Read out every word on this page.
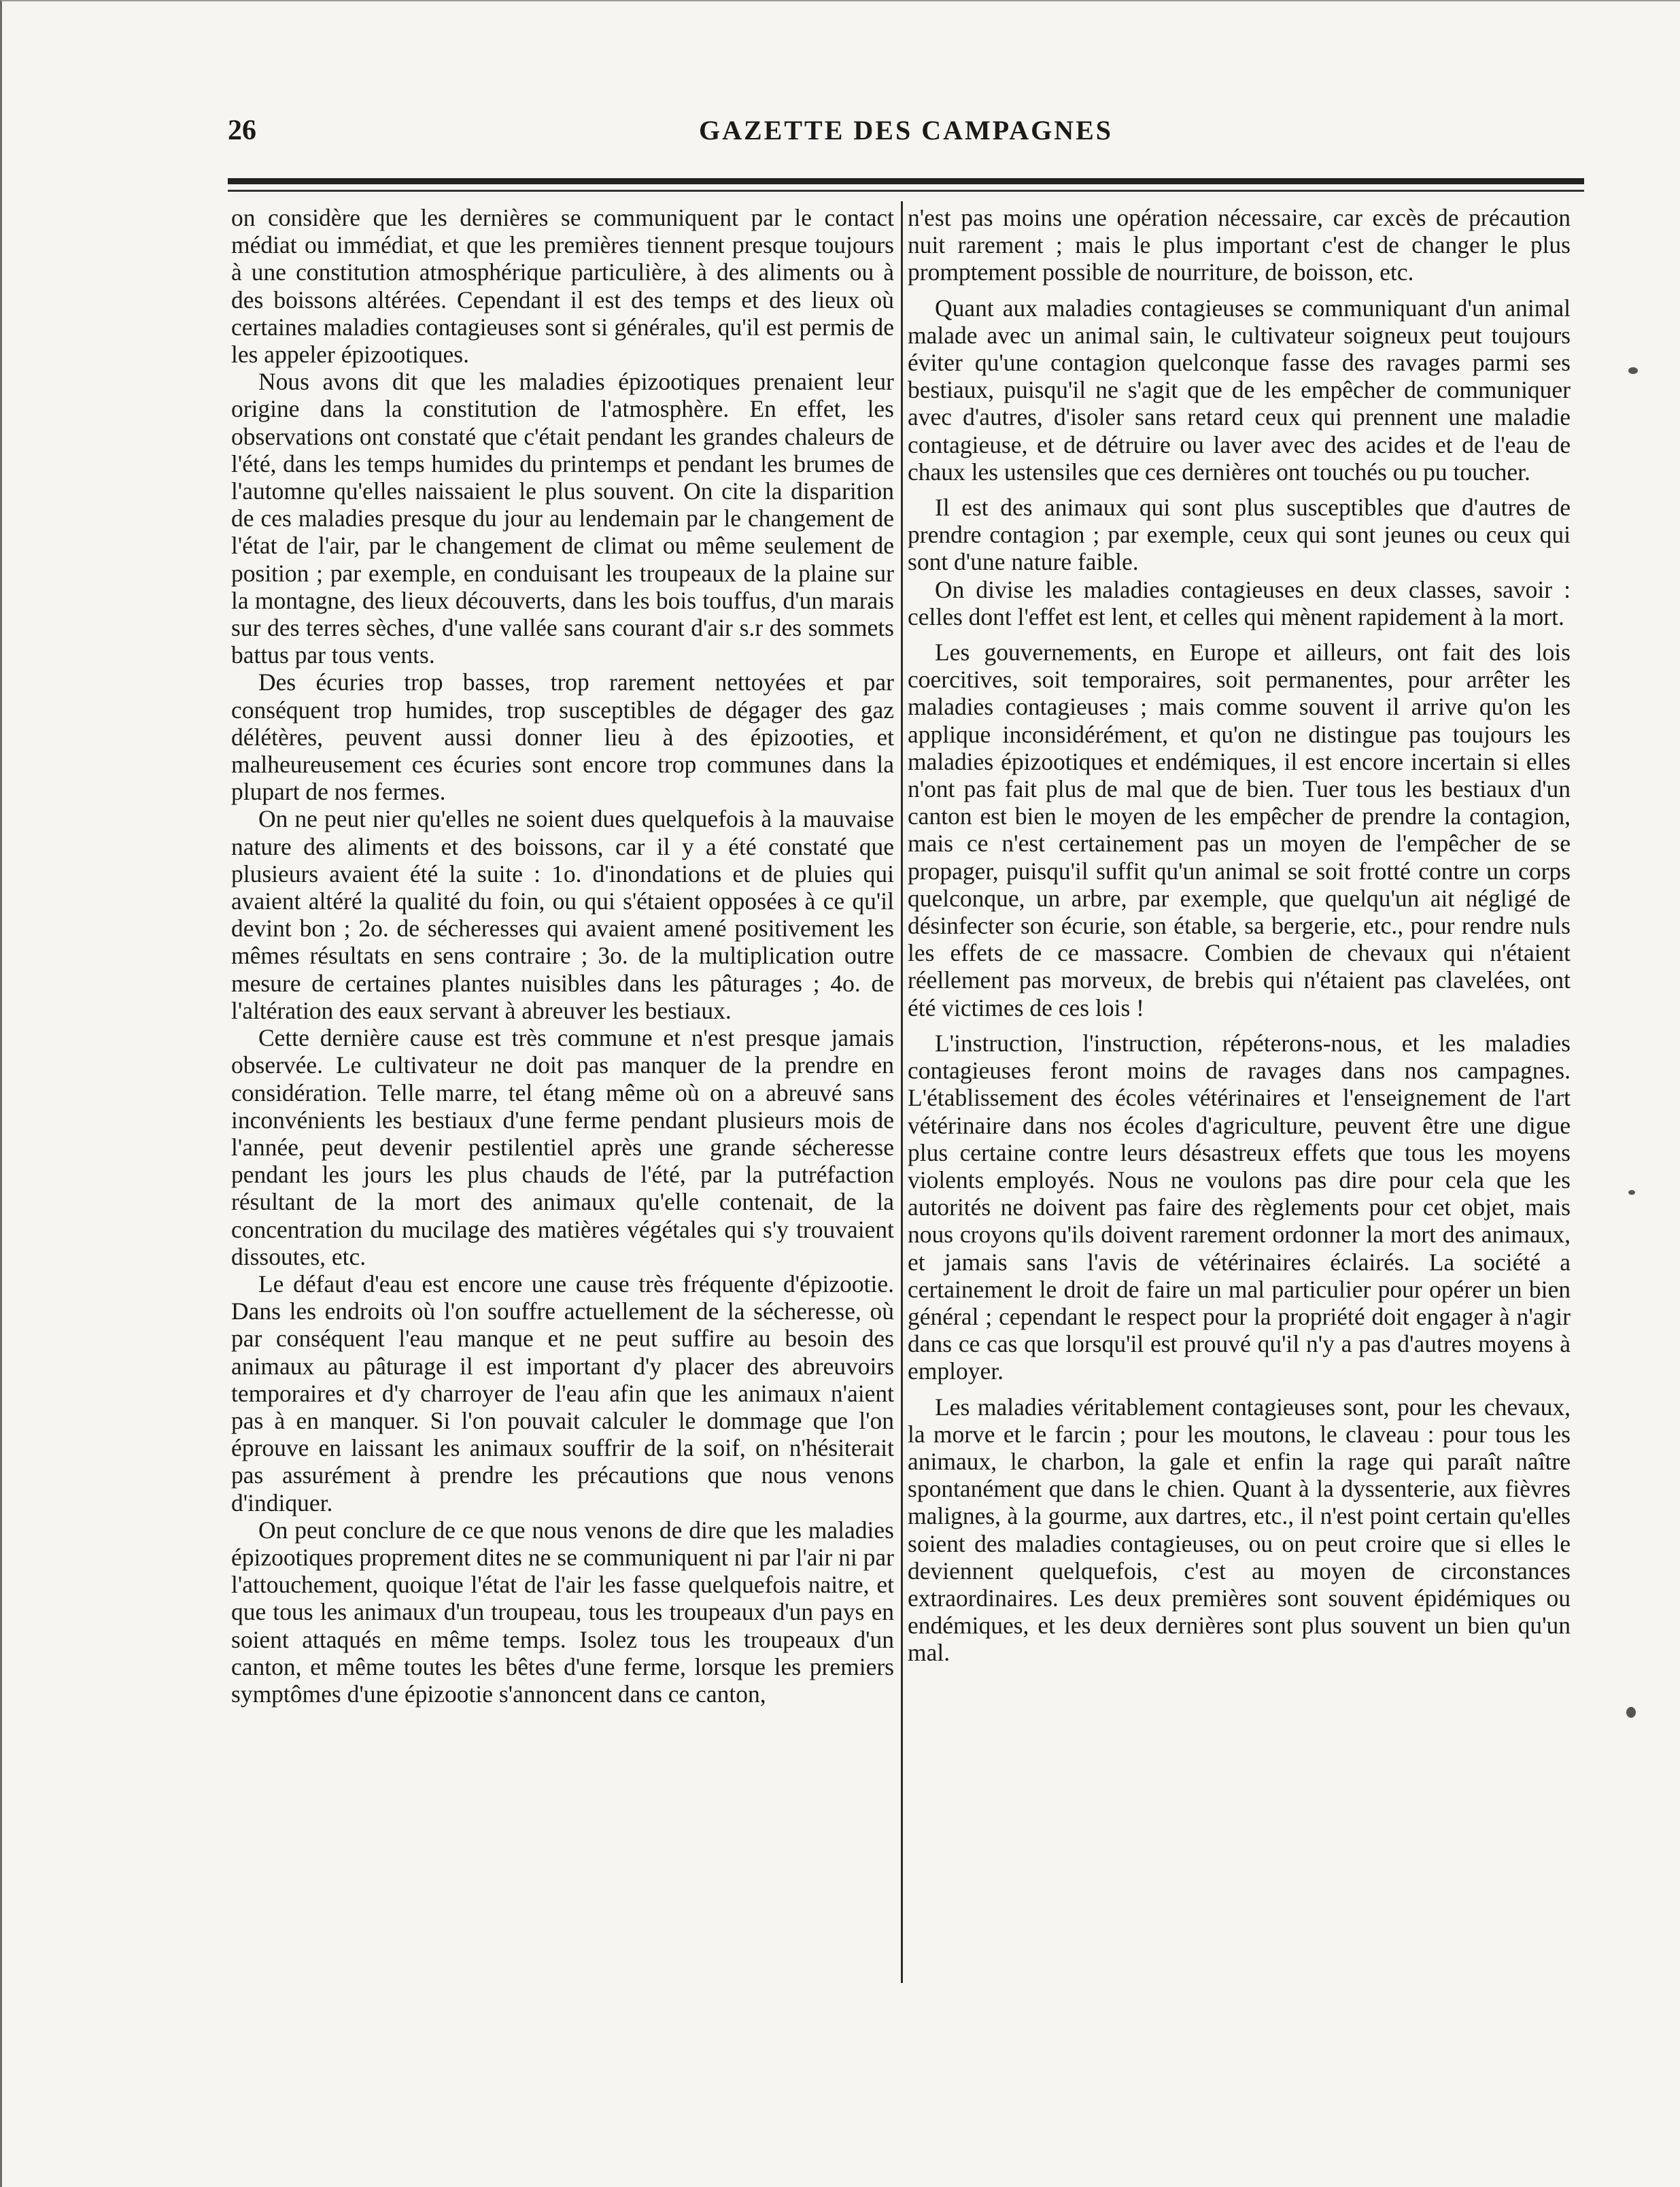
26	GAZETTE DES CAMPAGNES

on considère que les dernières se communiquent par le contact médiat ou immédiat, et que les premières tiennent presque toujours à une constitution atmosphérique particulière, à des aliments ou à des boissons altérées. Cependant il est des temps et des lieux où certaines maladies contagieuses sont si générales, qu'il est permis de les appeler épizootiques.

Nous avons dit que les maladies épizootiques prenaient leur origine dans la constitution de l'atmosphère. En effet, les observations ont constaté que c'était pendant les grandes chaleurs de l'été, dans les temps humides du printemps et pendant les brumes de l'automne qu'elles naissaient le plus souvent. On cite la disparition de ces maladies presque du jour au lendemain par le changement de l'état de l'air, par le changement de climat ou même seulement de position ; par exemple, en conduisant les troupeaux de la plaine sur la montagne, des lieux découverts, dans les bois touffus, d'un marais sur des terres sèches, d'une vallée sans courant d'air s.r des sommets battus par tous vents.

Des écuries trop basses, trop rarement nettoyées et par conséquent trop humides, trop susceptibles de dégager des gaz délétères, peuvent aussi donner lieu à des épizooties, et malheureusement ces écuries sont encore trop communes dans la plupart de nos fermes.

On ne peut nier qu'elles ne soient dues quelquefois à la mauvaise nature des aliments et des boissons, car il y a été constaté que plusieurs avaient été la suite : 1o. d'inondations et de pluies qui avaient altéré la qualité du foin, ou qui s'étaient opposées à ce qu'il devint bon ; 2o. de sécheresses qui avaient amené positivement les mêmes résultats en sens contraire ; 3o. de la multiplication outre mesure de certaines plantes nuisibles dans les pâturages ; 4o. de l'altération des eaux servant à abreuver les bestiaux.

Cette dernière cause est très commune et n'est presque jamais observée. Le cultivateur ne doit pas manquer de la prendre en considération. Telle marre, tel étang même où on a abreuvé sans inconvénients les bestiaux d'une ferme pendant plusieurs mois de l'année, peut devenir pestilentiel après une grande sécheresse pendant les jours les plus chauds de l'été, par la putréfaction résultant de la mort des animaux qu'elle contenait, de la concentration du mucilage des matières végétales qui s'y trouvaient dissoutes, etc.

Le défaut d'eau est encore une cause très fréquente d'épizootie. Dans les endroits où l'on souffre actuellement de la sécheresse, où par conséquent l'eau manque et ne peut suffire au besoin des animaux au pâturage il est important d'y placer des abreuvoirs temporaires et d'y charroyer de l'eau afin que les animaux n'aient pas à en manquer. Si l'on pouvait calculer le dommage que l'on éprouve en laissant les animaux souffrir de la soif, on n'hésiterait pas assurément à prendre les précautions que nous venons d'indiquer.

On peut conclure de ce que nous venons de dire que les maladies épizootiques proprement dites ne se communiquent ni par l'air ni par l'attouchement, quoique l'état de l'air les fasse quelquefois naitre, et que tous les animaux d'un troupeau, tous les troupeaux d'un pays en soient attaqués en même temps. Isolez tous les troupeaux d'un canton, et même toutes les bêtes d'une ferme, lorsque les premiers symptômes d'une épizootie s'annoncent dans ce canton,

n'est pas moins une opération nécessaire, car excès de précaution nuit rarement ; mais le plus important c'est de changer le plus promptement possible de nourriture, de boisson, etc.

Quant aux maladies contagieuses se communiquant d'un animal malade avec un animal sain, le cultivateur soigneux peut toujours éviter qu'une contagion quelconque fasse des ravages parmi ses bestiaux, puisqu'il ne s'agit que de les empêcher de communiquer avec d'autres, d'isoler sans retard ceux qui prennent une maladie contagieuse, et de détruire ou laver avec des acides et de l'eau de chaux les ustensiles que ces dernières ont touchés ou pu toucher.

Il est des animaux qui sont plus susceptibles que d'autres de prendre contagion ; par exemple, ceux qui sont jeunes ou ceux qui sont d'une nature faible.

On divise les maladies contagieuses en deux classes, savoir : celles dont l'effet est lent, et celles qui mènent rapidement à la mort.

Les gouvernements, en Europe et ailleurs, ont fait des lois coercitives, soit temporaires, soit permanentes, pour arrêter les maladies contagieuses ; mais comme souvent il arrive qu'on les applique inconsidérément, et qu'on ne distingue pas toujours les maladies épizootiques et endémiques, il est encore incertain si elles n'ont pas fait plus de mal que de bien. Tuer tous les bestiaux d'un canton est bien le moyen de les empêcher de prendre la contagion, mais ce n'est certainement pas un moyen de l'empêcher de se propager, puisqu'il suffit qu'un animal se soit frotté contre un corps quelconque, un arbre, par exemple, que quelqu'un ait négligé de désinfecter son écurie, son étable, sa bergerie, etc., pour rendre nuls les effets de ce massacre. Combien de chevaux qui n'étaient réellement pas morveux, de brebis qui n'étaient pas clavelées, ont été victimes de ces lois !

L'instruction, l'instruction, répéterons-nous, et les maladies contagieuses feront moins de ravages dans nos campagnes. L'établissement des écoles vétérinaires et l'enseignement de l'art vétérinaire dans nos écoles d'agriculture, peuvent être une digue plus certaine contre leurs désastreux effets que tous les moyens violents employés. Nous ne voulons pas dire pour cela que les autorités ne doivent pas faire des règlements pour cet objet, mais nous croyons qu'ils doivent rarement ordonner la mort des animaux, et jamais sans l'avis de vétérinaires éclairés. La société a certainement le droit de faire un mal particulier pour opérer un bien général ; cependant le respect pour la propriété doit engager à n'agir dans ce cas que lorsqu'il est prouvé qu'il n'y a pas d'autres moyens à employer.

Les maladies véritablement contagieuses sont, pour les chevaux, la morve et le farcin ; pour les moutons, le claveau : pour tous les animaux, le charbon, la gale et enfin la rage qui paraît naître spontanément que dans le chien. Quant à la dyssenterie, aux fièvres malignes, à la gourme, aux dartres, etc., il n'est point certain qu'elles soient des maladies contagieuses, ou on peut croire que si elles le deviennent quelquefois, c'est au moyen de circonstances extraordinaires. Les deux premières sont souvent épidémiques ou endémiques, et les deux dernières sont plus souvent un bien qu'un mal.
